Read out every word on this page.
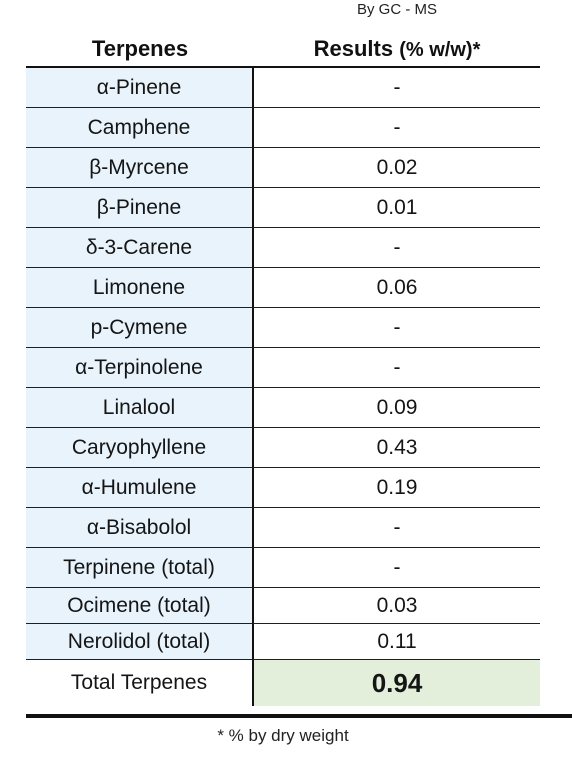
By GC - MS
Terpenes	Results (% w/w)*
α-Pinene	-
Camphene	-
β-Myrcene	0.02
β-Pinene	0.01
δ-3-Carene	-
Limonene	0.06
p-Cymene	-
α-Terpinolene	-
Linalool	0.09
Caryophyllene	0.43
α-Humulene	0.19
α-Bisabolol	-
Terpinene (total)	-
Ocimene (total)	0.03
Nerolidol (total)	0.11
Total Terpenes	0.94
* % by dry weight
